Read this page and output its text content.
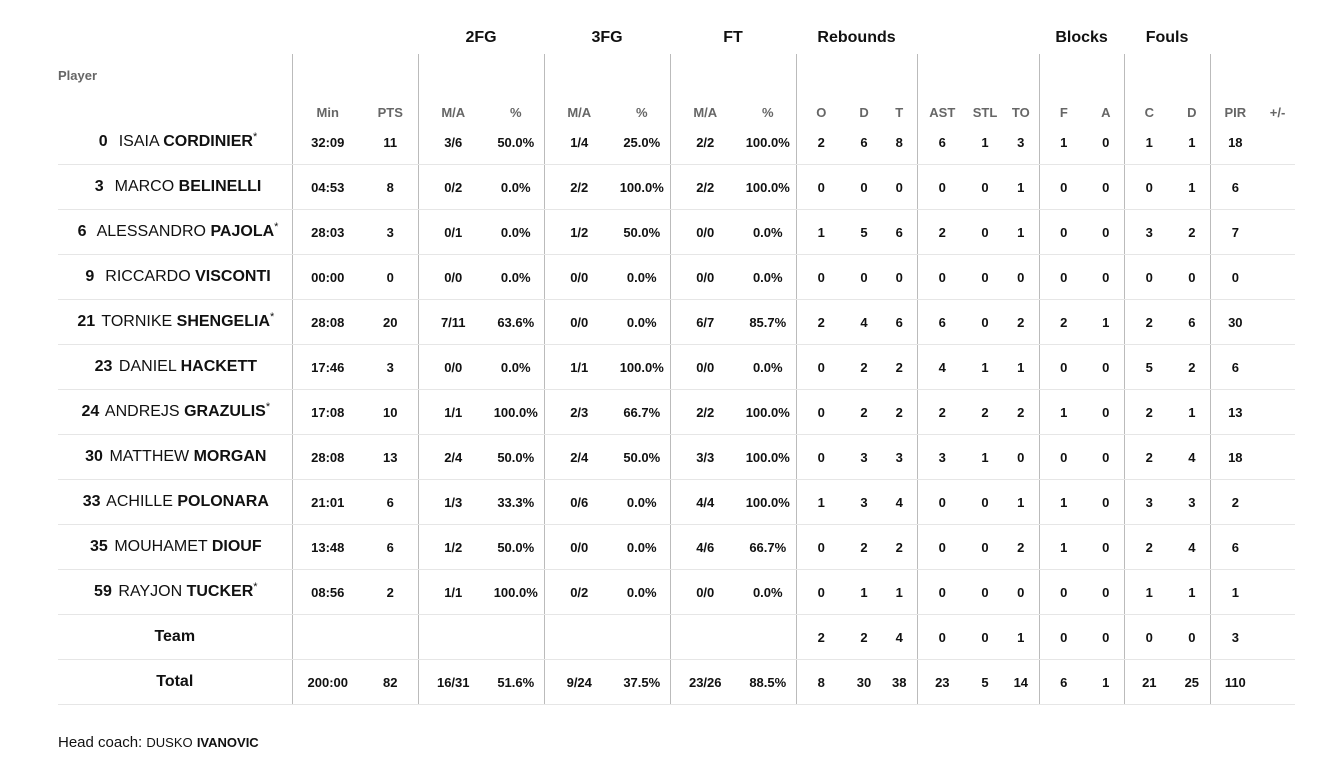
			2FG		3FG		FT		Rebounds						Blocks		Fouls			
Player	Min	PTS	M/A	%	M/A	%	M/A	%	O	D	T	AST	STL	TO	F	A	C	D	PIR	+/-
0 ISAIA CORDINIER*	32:09	11	3/6	50.0%	1/4	25.0%	2/2	100.0%	2	6	8	6	1	3	1	0	1	1	18	
3 MARCO BELINELLI	04:53	8	0/2	0.0%	2/2	100.0%	2/2	100.0%	0	0	0	0	0	1	0	0	0	1	6	
6 ALESSANDRO PAJOLA*	28:03	3	0/1	0.0%	1/2	50.0%	0/0	0.0%	1	5	6	2	0	1	0	0	3	2	7	
9 RICCARDO VISCONTI	00:00	0	0/0	0.0%	0/0	0.0%	0/0	0.0%	0	0	0	0	0	0	0	0	0	0	0	
21 TORNIKE SHENGELIA*	28:08	20	7/11	63.6%	0/0	0.0%	6/7	85.7%	2	4	6	6	0	2	2	1	2	6	30	
23 DANIEL HACKETT	17:46	3	0/0	0.0%	1/1	100.0%	0/0	0.0%	0	2	2	4	1	1	0	0	5	2	6	
24 ANDREJS GRAZULIS*	17:08	10	1/1	100.0%	2/3	66.7%	2/2	100.0%	0	2	2	2	2	2	1	0	2	1	13	
30 MATTHEW MORGAN	28:08	13	2/4	50.0%	2/4	50.0%	3/3	100.0%	0	3	3	3	1	0	0	0	2	4	18	
33 ACHILLE POLONARA	21:01	6	1/3	33.3%	0/6	0.0%	4/4	100.0%	1	3	4	0	0	1	1	0	3	3	2	
35 MOUHAMET DIOUF	13:48	6	1/2	50.0%	0/0	0.0%	4/6	66.7%	0	2	2	0	0	2	1	0	2	4	6	
59 RAYJON TUCKER*	08:56	2	1/1	100.0%	0/2	0.0%	0/0	0.0%	0	1	1	0	0	0	0	0	1	1	1	
Team									2	2	4	0	0	1	0	0	0	0	3	
Total	200:00	82	16/31	51.6%	9/24	37.5%	23/26	88.5%	8	30	38	23	5	14	6	1	21	25	110	
Head coach: DUSKO IVANOVIC
